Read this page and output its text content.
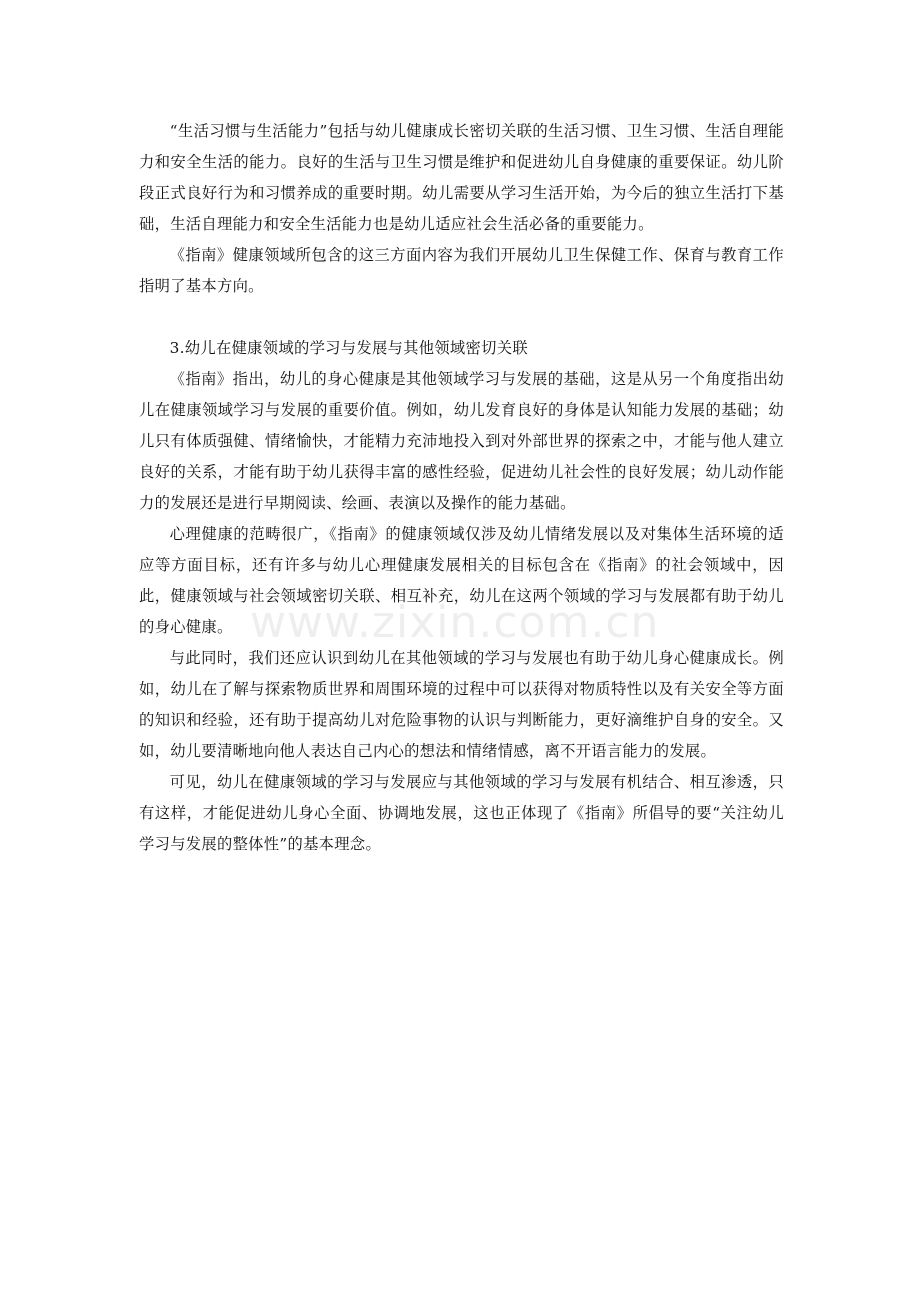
“生活习惯与生活能力”包括与幼儿健康成长密切关联的生活习惯、卫生习惯、生活自理能力和安全生活的能力。良好的生活与卫生习惯是维护和促进幼儿自身健康的重要保证。幼儿阶段正式良好行为和习惯养成的重要时期。幼儿需要从学习生活开始，为今后的独立生活打下基础，生活自理能力和安全生活能力也是幼儿适应社会生活必备的重要能力。

《指南》健康领域所包含的这三方面内容为我们开展幼儿卫生保健工作、保育与教育工作指明了基本方向。

3.幼儿在健康领域的学习与发展与其他领域密切关联

《指南》指出，幼儿的身心健康是其他领域学习与发展的基础，这是从另一个角度指出幼儿在健康领域学习与发展的重要价值。例如，幼儿发育良好的身体是认知能力发展的基础；幼儿只有体质强健、情绪愉快，才能精力充沛地投入到对外部世界的探索之中，才能与他人建立良好的关系，才能有助于幼儿获得丰富的感性经验，促进幼儿社会性的良好发展；幼儿动作能力的发展还是进行早期阅读、绘画、表演以及操作的能力基础。

心理健康的范畴很广，《指南》的健康领域仅涉及幼儿情绪发展以及对集体生活环境的适应等方面目标，还有许多与幼儿心理健康发展相关的目标包含在《指南》的社会领域中，因此，健康领域与社会领域密切关联、相互补充，幼儿在这两个领域的学习与发展都有助于幼儿的身心健康。

与此同时，我们还应认识到幼儿在其他领域的学习与发展也有助于幼儿身心健康成长。例如，幼儿在了解与探索物质世界和周围环境的过程中可以获得对物质特性以及有关安全等方面的知识和经验，还有助于提高幼儿对危险事物的认识与判断能力，更好滴维护自身的安全。又如，幼儿要清晰地向他人表达自己内心的想法和情绪情感，离不开语言能力的发展。

可见，幼儿在健康领域的学习与发展应与其他领域的学习与发展有机结合、相互渗透，只有这样，才能促进幼儿身心全面、协调地发展，这也正体现了《指南》所倡导的要“关注幼儿学习与发展的整体性”的基本理念。

www.zixin.com.cn
